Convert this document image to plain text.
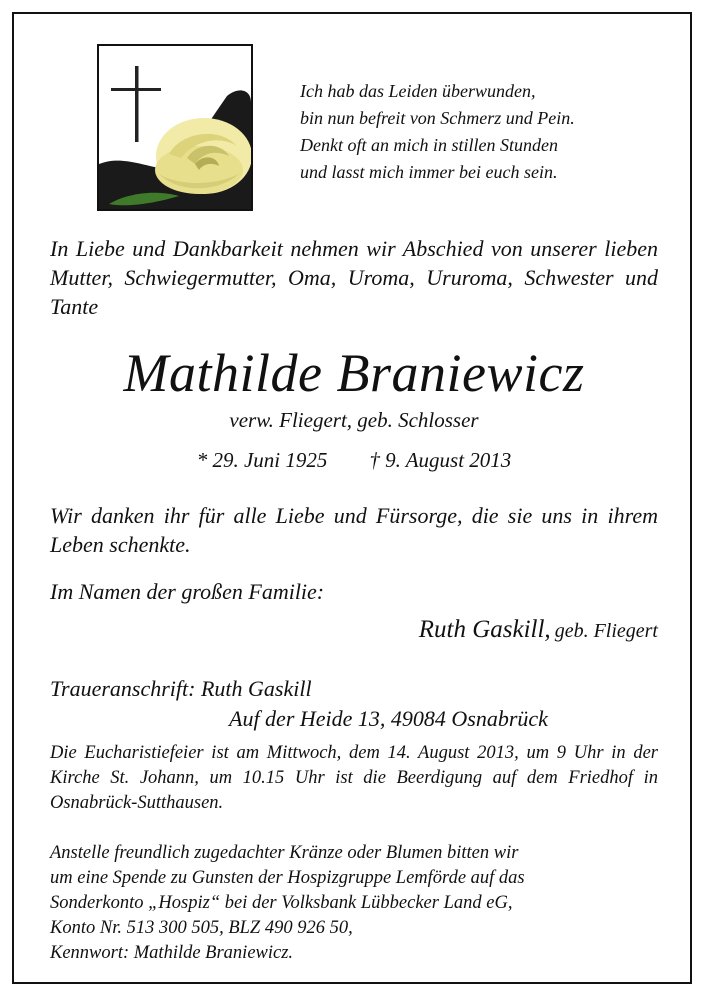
Ich hab das Leiden überwunden,
bin nun befreit von Schmerz und Pein.
Denkt oft an mich in stillen Stunden
und lasst mich immer bei euch sein.
In Liebe und Dankbarkeit nehmen wir Abschied von unserer lieben Mutter, Schwiegermutter, Oma, Uroma, Ururoma, Schwester und Tante
Mathilde Braniewicz
verw. Fliegert, geb. Schlosser
* 29. Juni 1925 † 9. August 2013
Wir danken ihr für alle Liebe und Fürsorge, die sie uns in ihrem Leben schenkte.
Im Namen der großen Familie:
Ruth Gaskill, geb. Fliegert
Traueranschrift: Ruth Gaskill
Auf der Heide 13, 49084 Osnabrück
Die Eucharistiefeier ist am Mittwoch, dem 14. August 2013, um 9 Uhr in der Kirche St. Johann, um 10.15 Uhr ist die Beerdigung auf dem Friedhof in Osnabrück-Sutthausen.
Anstelle freundlich zugedachter Kränze oder Blumen bitten wir
um eine Spende zu Gunsten der Hospizgruppe Lemförde auf das
Sonderkonto „Hospiz“ bei der Volksbank Lübbecker Land eG,
Konto Nr. 513 300 505, BLZ 490 926 50,
Kennwort: Mathilde Braniewicz.
